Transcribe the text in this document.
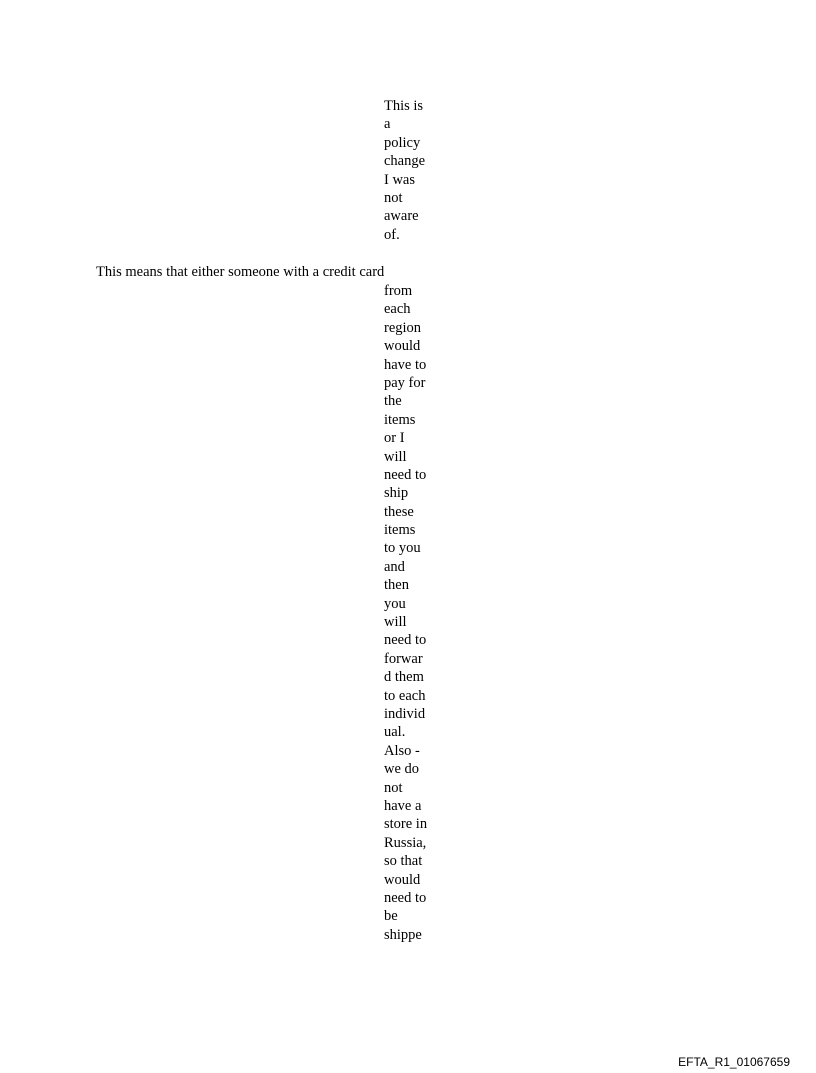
This is
a
policy
change
I was
not
aware
of.
This means that either someone with a credit card
from
each
region
would
have to
pay for
the
items
or I
will
need to
ship
these
items
to you
and
then
you
will
need to
forwar
d them
to each
individ
ual.
Also -
we do
not
have a
store in
Russia,
so that
would
need to
be
shippe
EFTA_R1_01067659
